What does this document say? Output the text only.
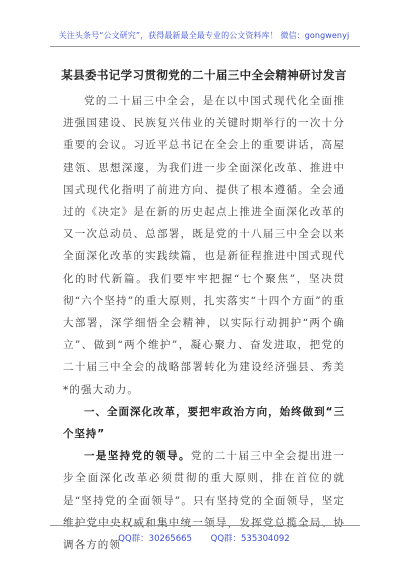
关注头条号“公文研究”，获得最新最全最专业的公文资料库！ 微信：gongwenyj
某县委书记学习贯彻党的二十届三中全会精神研讨发言

党的二十届三中全会，是在以中国式现代化全面推进强国建设、民族复兴伟业的关键时期举行的一次十分重要的会议。习近平总书记在全会上的重要讲话，高屋建瓴、思想深邃，为我们进一步全面深化改革、推进中国式现代化指明了前进方向、提供了根本遵循。全会通过的《决定》是在新的历史起点上推进全面深化改革的又一次总动员、总部署，既是党的十八届三中全会以来全面深化改革的实践续篇，也是新征程推进中国式现代化的时代新篇。我们要牢牢把握“七个聚焦”，坚决贯彻“六个坚持”的重大原则，扎实落实“十四个方面”的重大部署，深学细悟全会精神，以实际行动拥护“两个确立”、做到“两个维护”，凝心聚力、奋发进取，把党的二十届三中全会的战略部署转化为建设经济强县、秀美*的强大动力。

一、全面深化改革，要把牢政治方向，始终做到“三个坚持”

一是坚持党的领导。党的二十届三中全会提出进一步全面深化改革必须贯彻的重大原则，排在首位的就是“坚持党的全面领导”。只有坚持党的全面领导，坚定维护党中央权威和集中统一领导，发挥党总揽全局、协调各方的领

QQ群：30265665 QQ群：535304092
